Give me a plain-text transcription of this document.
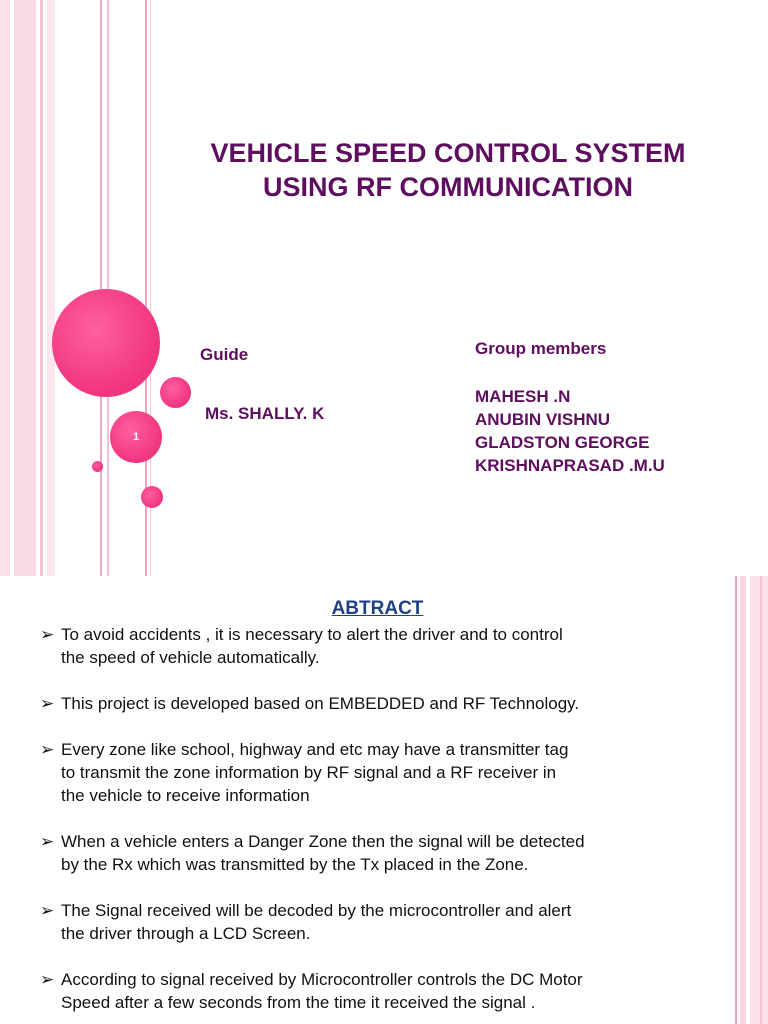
1
VEHICLE SPEED CONTROL SYSTEM
USING RF COMMUNICATION

Guide

Ms. SHALLY. K

Group members

MAHESH .N
ANUBIN VISHNU
GLADSTON GEORGE
KRISHNAPRASAD .M.U
ABTRACT
➢ To avoid accidents , it is necessary to alert the driver and to control
the speed of vehicle automatically.
➢ This project is developed based on EMBEDDED and RF Technology.
➢ Every zone like school, highway and etc may have a transmitter tag
to transmit the zone information by RF signal and a RF receiver in
the vehicle to receive information
➢ When a vehicle enters a Danger Zone then the signal will be detected
by the Rx which was transmitted by the Tx placed in the Zone.
➢ The Signal received will be decoded by the microcontroller and alert
the driver through a LCD Screen.
➢ According to signal received by Microcontroller controls the DC Motor
Speed after a few seconds from the time it received the signal .
